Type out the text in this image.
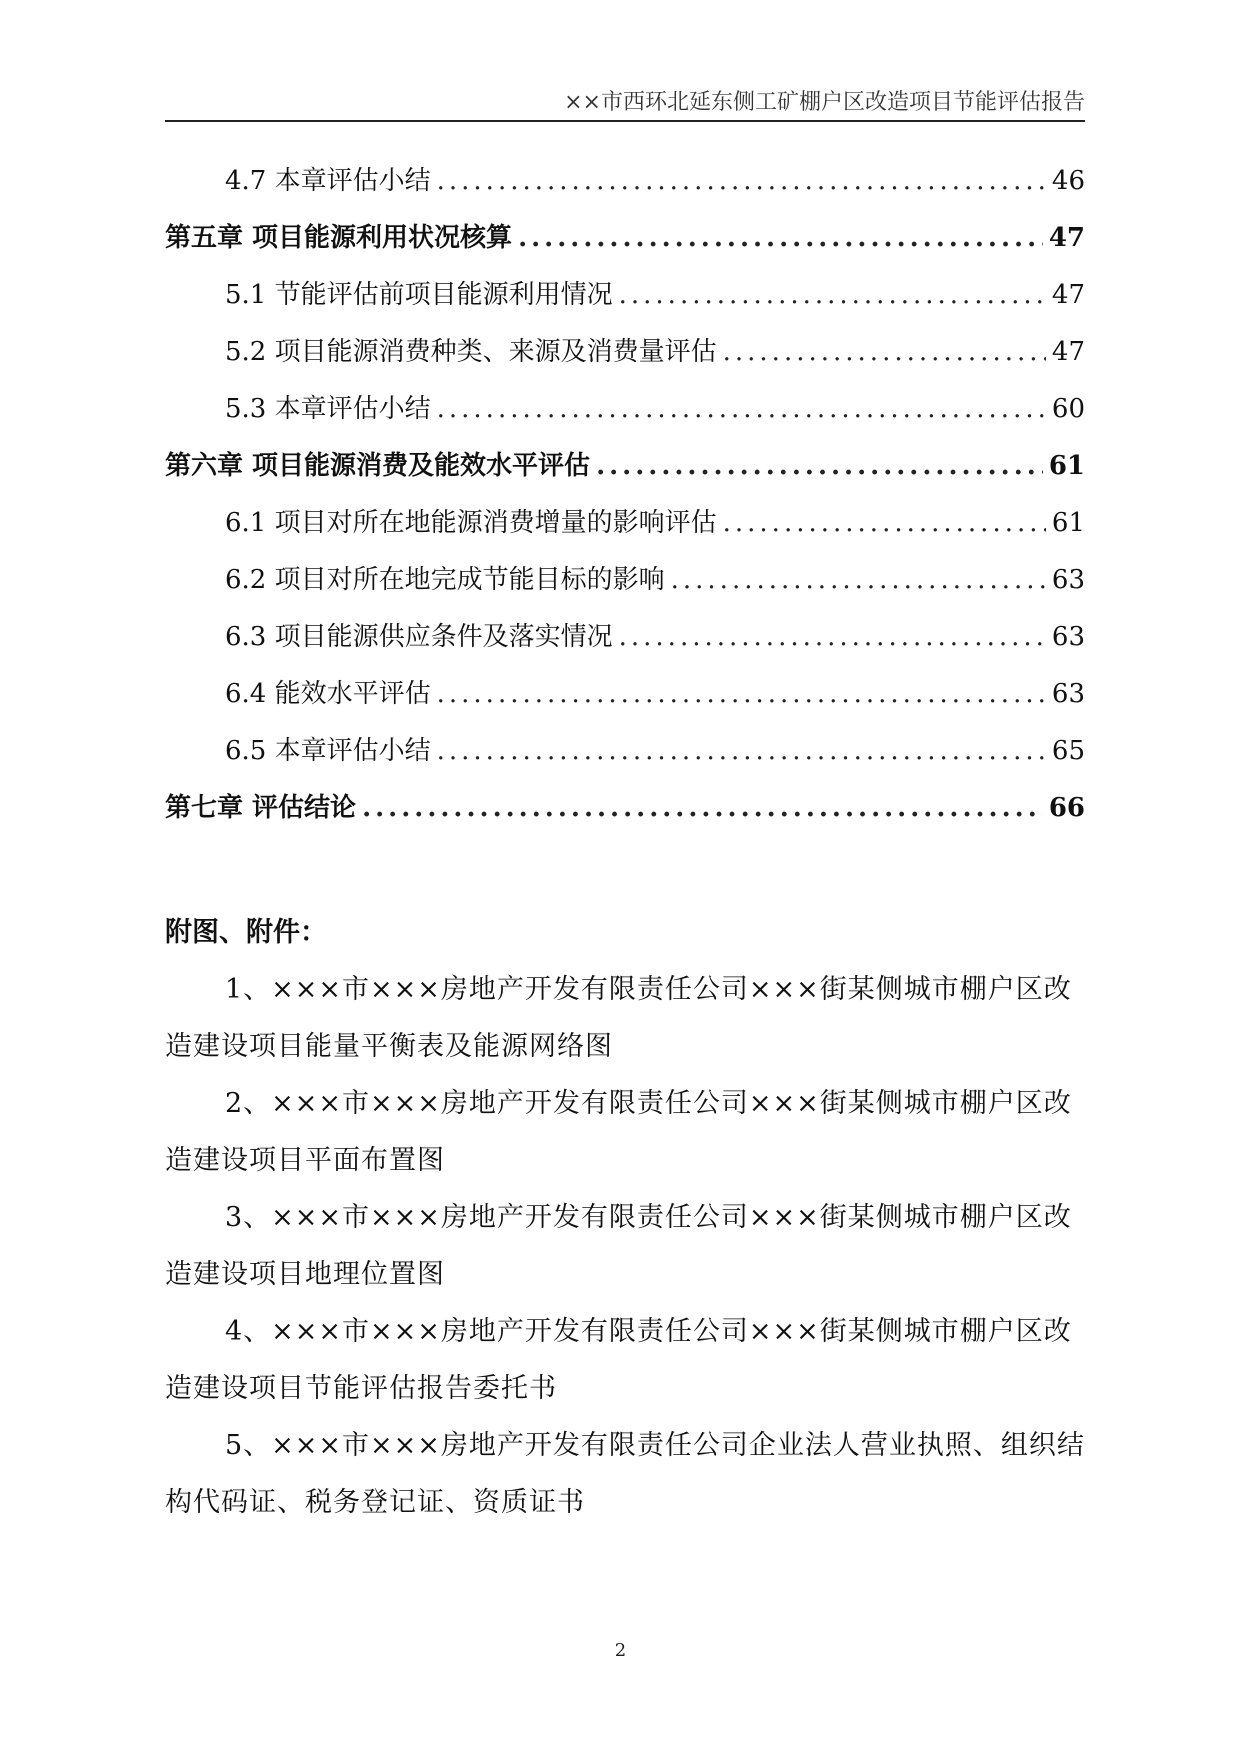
××市西环北延东侧工矿棚户区改造项目节能评估报告
4.7 本章评估小结 .....	46
第五章 项目能源利用状况核算 .....	47
5.1 节能评估前项目能源利用情况 .....	47
5.2 项目能源消费种类、来源及消费量评估 .....	47
5.3 本章评估小结 .....	60
第六章 项目能源消费及能效水平评估 .....	61
6.1 项目对所在地能源消费增量的影响评估 .....	61
6.2 项目对所在地完成节能目标的影响 .....	63
6.3 项目能源供应条件及落实情况 .....	63
6.4 能效水平评估 .....	63
6.5 本章评估小结 .....	65
第七章 评估结论 .....	66
附图、附件：

1、×××市×××房地产开发有限责任公司×××街某侧城市棚户区改造建设项目能量平衡表及能源网络图

2、×××市×××房地产开发有限责任公司×××街某侧城市棚户区改造建设项目平面布置图

3、×××市×××房地产开发有限责任公司×××街某侧城市棚户区改造建设项目地理位置图

4、×××市×××房地产开发有限责任公司×××街某侧城市棚户区改造建设项目节能评估报告委托书

5、×××市×××房地产开发有限责任公司企业法人营业执照、组织结构代码证、税务登记证、资质证书

2
